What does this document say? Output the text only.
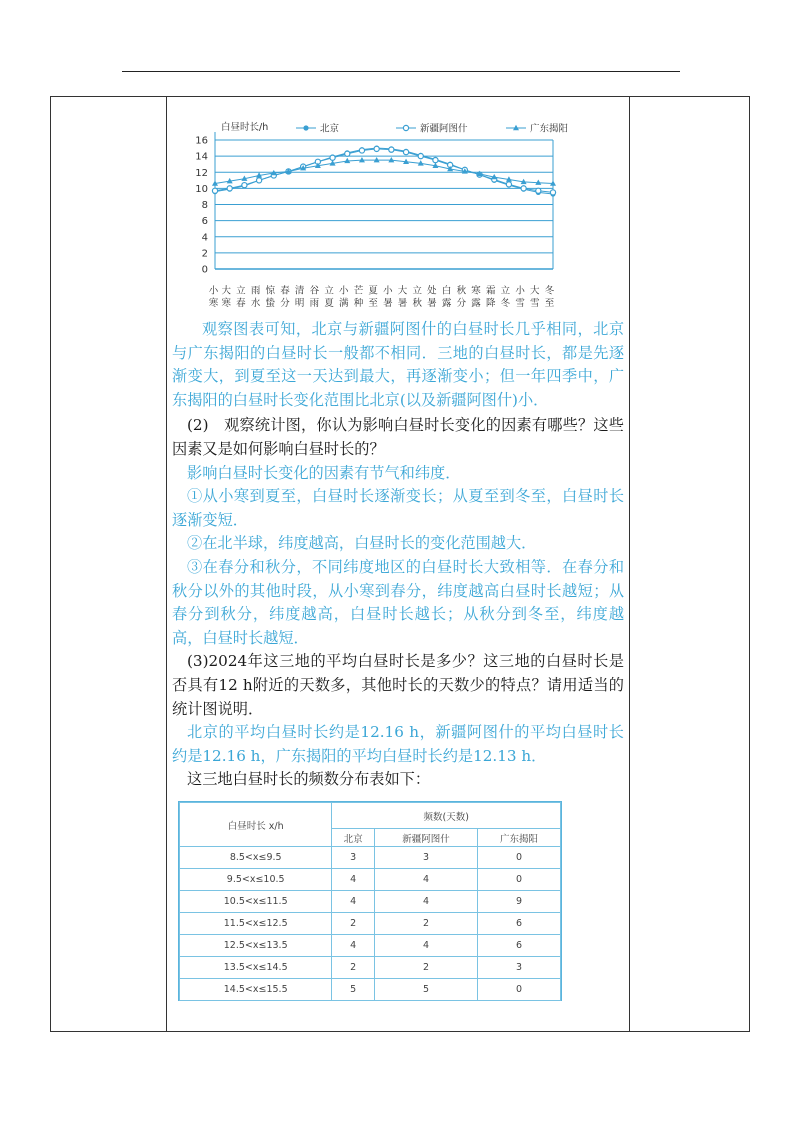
0
2
4
6
8
10
12
14
16
白昼时长/h
小寒 大寒 立春 雨水 惊蛰 春分 清明 谷雨 立夏 小满 芒种 夏至 小暑 大暑 立秋 处暑 白露 秋分 寒露 霜降 立冬 小雪 大雪 冬至
北京	新疆阿图什	广东揭阳

观察图表可知，北京与新疆阿图什的白昼时长几乎相同，北京与广东揭阳的白昼时长一般都不相同．三地的白昼时长，都是先逐渐变大，到夏至这一天达到最大，再逐渐变小；但一年四季中，广东揭阳的白昼时长变化范围比北京(以及新疆阿图什)小．

(2)　观察统计图，你认为影响白昼时长变化的因素有哪些？这些因素又是如何影响白昼时长的？

影响白昼时长变化的因素有节气和纬度．

①从小寒到夏至，白昼时长逐渐变长；从夏至到冬至，白昼时长逐渐变短．

②在北半球，纬度越高，白昼时长的变化范围越大．

③在春分和秋分，不同纬度地区的白昼时长大致相等．在春分和秋分以外的其他时段，从小寒到春分，纬度越高白昼时长越短；从春分到秋分，纬度越高，白昼时长越长；从秋分到冬至，纬度越高，白昼时长越短．

(3)2024年这三地的平均白昼时长是多少？这三地的白昼时长是否具有12 h附近的天数多，其他时长的天数少的特点？请用适当的统计图说明．

北京的平均白昼时长约是12.16 h，新疆阿图什的平均白昼时长约是12.16 h，广东揭阳的平均白昼时长约是12.13 h．

这三地白昼时长的频数分布表如下：

白昼时长 x/h	频数(天数)		
	北京	新疆阿图什	广东揭阳
8.5<x≤9.5	3	3	0
9.5<x≤10.5	4	4	0
10.5<x≤11.5	4	4	9
11.5<x≤12.5	2	2	6
12.5<x≤13.5	4	4	6
13.5<x≤14.5	2	2	3
14.5<x≤15.5	5	5	0
